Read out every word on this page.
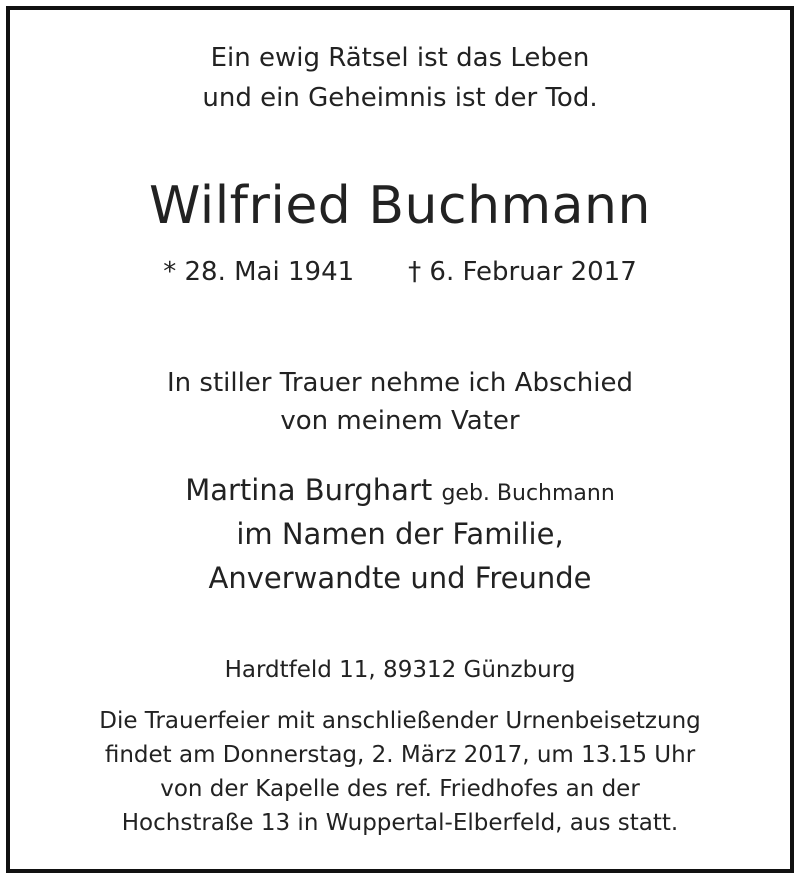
Ein ewig Rätsel ist das Leben
und ein Geheimnis ist der Tod.
Wilfried Buchmann
* 28. Mai 1941 † 6. Februar 2017
In stiller Trauer nehme ich Abschied
von meinem Vater
Martina Burghart geb. Buchmann
im Namen der Familie,
Anverwandte und Freunde
Hardtfeld 11, 89312 Günzburg
Die Trauerfeier mit anschließender Urnenbeisetzung
findet am Donnerstag, 2. März 2017, um 13.15 Uhr
von der Kapelle des ref. Friedhofes an der
Hochstraße 13 in Wuppertal-Elberfeld, aus statt.
